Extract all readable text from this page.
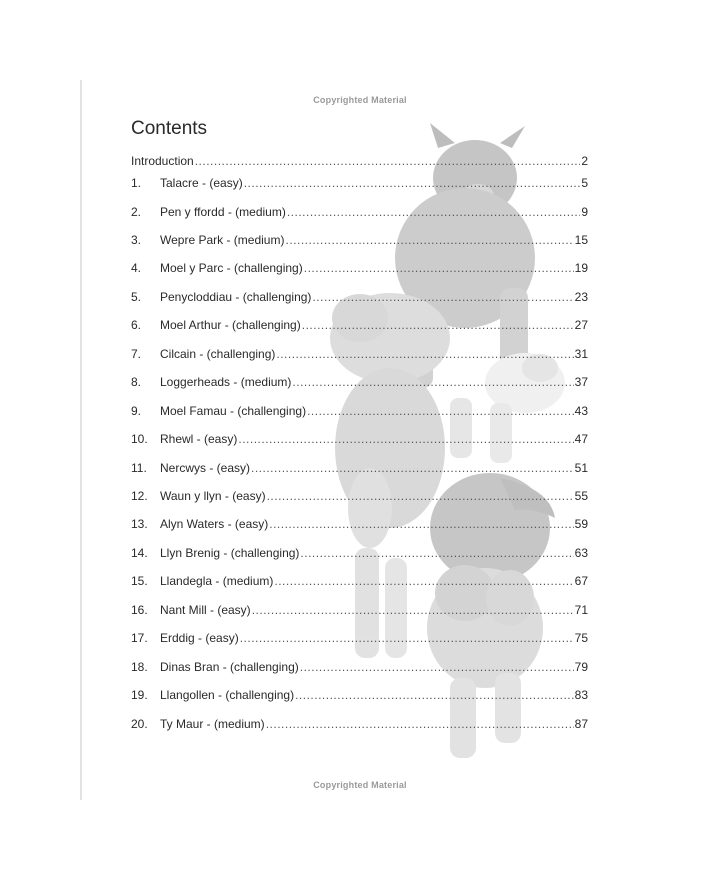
Copyrighted Material
Contents
Introduction .....	2
1.	Talacre - (easy) .....	5
2.	Pen y ffordd - (medium) .....	9
3.	Wepre Park - (medium) .....	15
4.	Moel y Parc - (challenging) .....	19
5.	Penycloddiau - (challenging) .....	23
6.	Moel Arthur - (challenging) .....	27
7.	Cilcain - (challenging) .....	31
8.	Loggerheads - (medium) .....	37
9.	Moel Famau - (challenging) .....	43
10.	Rhewl - (easy) .....	47
11.	Nercwys - (easy) .....	51
12.	Waun y llyn - (easy) .....	55
13.	Alyn Waters - (easy) .....	59
14.	Llyn Brenig - (challenging) .....	63
15.	Llandegla - (medium) .....	67
16.	Nant Mill - (easy) .....	71
17.	Erddig - (easy) .....	75
18.	Dinas Bran - (challenging) .....	79
19.	Llangollen - (challenging) .....	83
20.	Ty Maur - (medium) .....	87
Copyrighted Material
